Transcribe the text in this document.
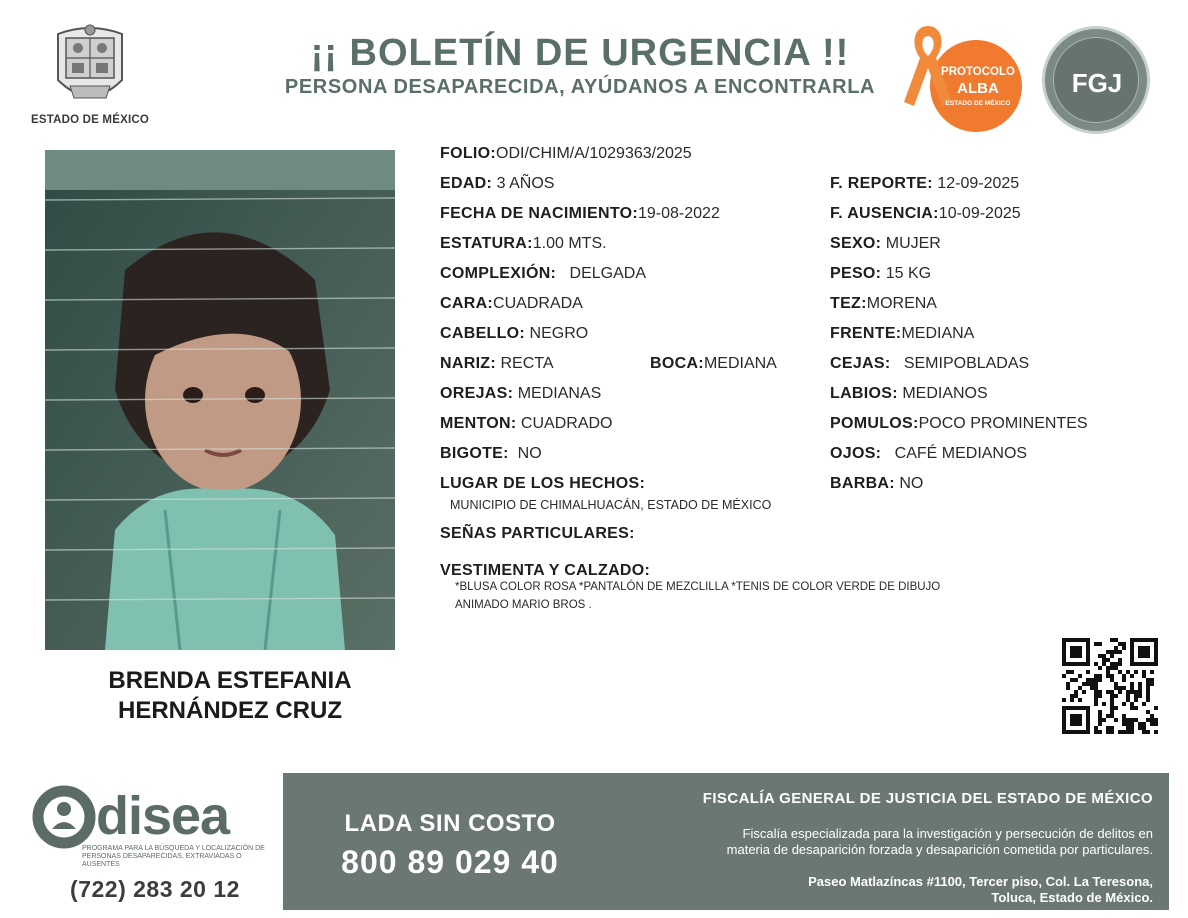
ESTADO DE MÉXICO
¡¡ BOLETÍN DE URGENCIA !!
PERSONA DESAPARECIDA, AYÚDANOS A ENCONTRARLA
PROTOCOLO
ALBA
ESTADO DE MÉXICO
FGJ
BRENDA ESTEFANIA
HERNÁNDEZ CRUZ
FOLIO:ODI/CHIM/A/1029363/2025
EDAD: 3 AÑOS	F. REPORTE: 12-09-2025
FECHA DE NACIMIENTO:19-08-2022	F. AUSENCIA:10-09-2025
ESTATURA:1.00 MTS.	SEXO: MUJER
COMPLEXIÓN: DELGADA	PESO: 15 KG
CARA:CUADRADA	TEZ:MORENA
CABELLO: NEGRO	FRENTE:MEDIANA
NARIZ: RECTA	BOCA:MEDIANA	CEJAS: SEMIPOBLADAS
OREJAS: MEDIANAS	LABIOS: MEDIANOS
MENTON: CUADRADO	POMULOS:POCO PROMINENTES
BIGOTE: NO	OJOS: CAFÉ MEDIANOS
LUGAR DE LOS HECHOS:
MUNICIPIO DE CHIMALHUACÁN, ESTADO DE MÉXICO
BARBA: NO
SEÑAS PARTICULARES:
VESTIMENTA Y CALZADO:
*BLUSA COLOR ROSA *PANTALÓN DE MEZCLILLA *TENIS DE COLOR VERDE DE DIBUJO
ANIMADO MARIO BROS .
disea
PROGRAMA PARA LA BÚSQUEDA Y LOCALIZACIÓN DE PERSONAS DESAPARECIDAS, EXTRAVIADAS O AUSENTES
(722) 283 20 12
LADA SIN COSTO
800 89 029 40
FISCALÍA GENERAL DE JUSTICIA DEL ESTADO DE MÉXICO
Fiscalía especializada para la investigación y persecución de delitos en
materia de desaparición forzada y desaparición cometida por particulares.
Paseo Matlazíncas #1100, Tercer piso, Col. La Teresona,
Toluca, Estado de México.
